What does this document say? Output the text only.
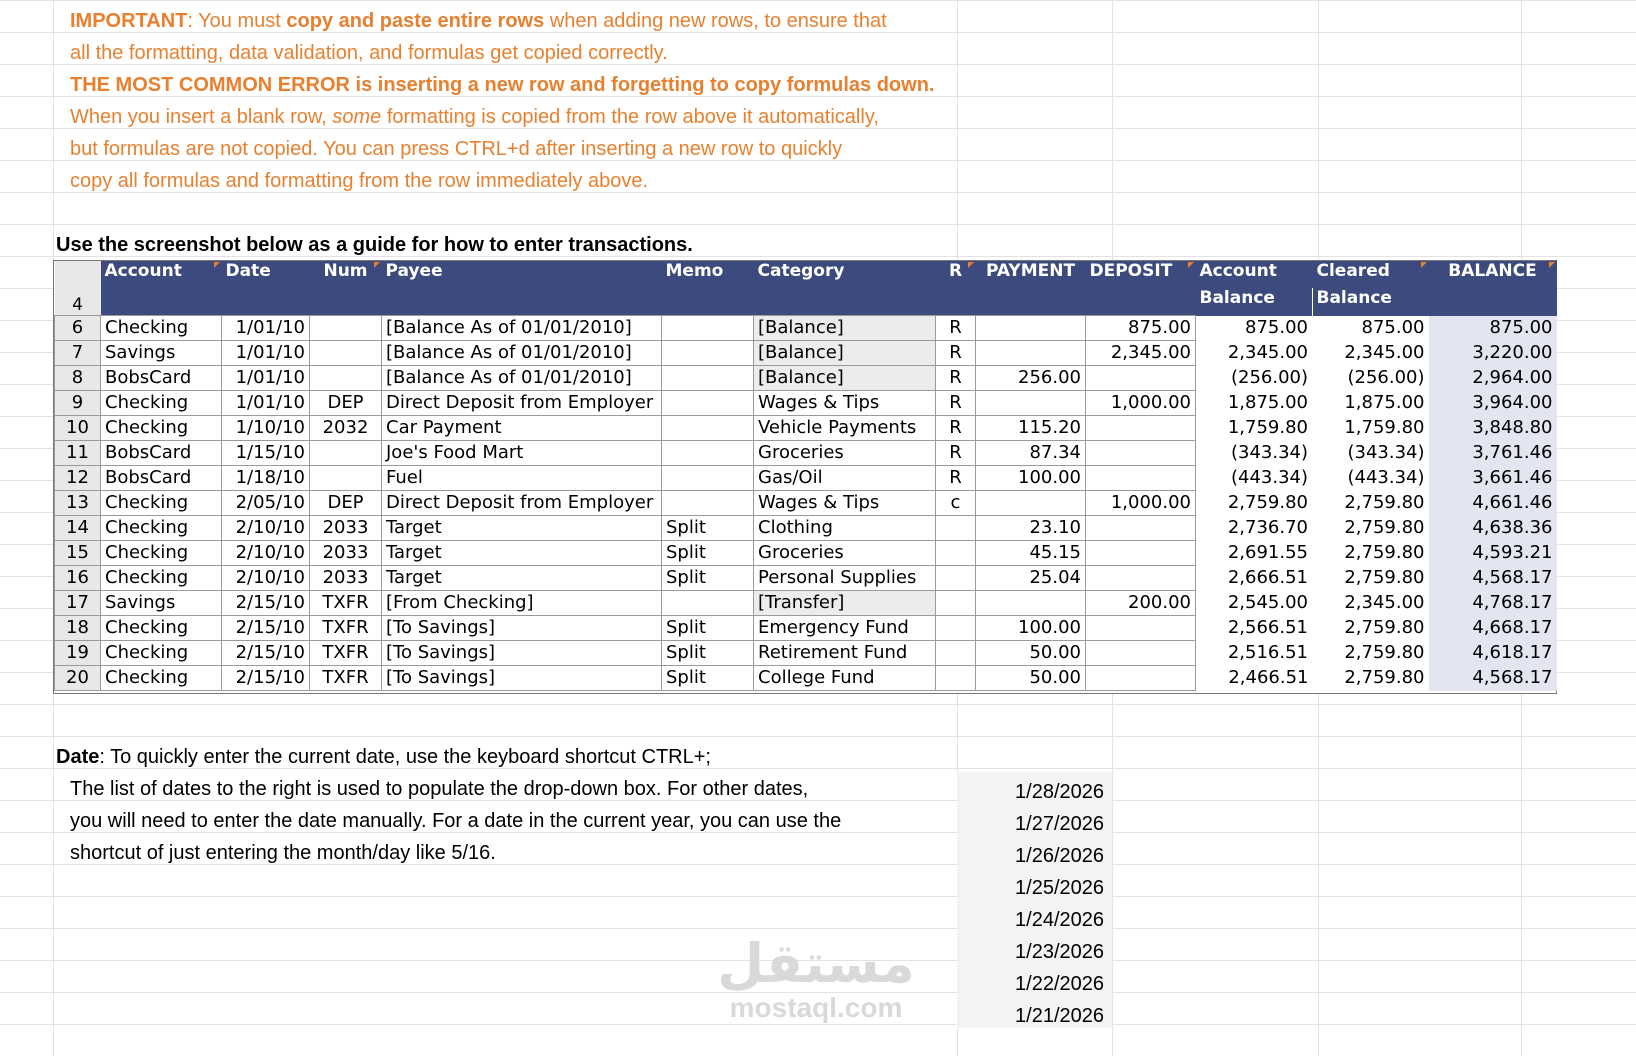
IMPORTANT: You must copy and paste entire rows when adding new rows, to ensure that
all the formatting, data validation, and formulas get copied correctly.
THE MOST COMMON ERROR is inserting a new row and forgetting to copy formulas down.
When you insert a blank row, some formatting is copied from the row above it automatically,
but formulas are not copied. You can press CTRL+d after inserting a new row to quickly
copy all formulas and formatting from the row immediately above.
Use the screenshot below as a guide for how to enter transactions.
4	Account	Date	Num	Payee	Memo	Category	R	PAYMENT	DEPOSIT	Account	Cleared	BALANCE

										Balance	Balance	
6	Checking	1/01/10		[Balance As of 01/01/2010]		[Balance]	R		875.00	875.00	875.00	875.00
7	Savings	1/01/10		[Balance As of 01/01/2010]		[Balance]	R		2,345.00	2,345.00	2,345.00	3,220.00
8	BobsCard	1/01/10		[Balance As of 01/01/2010]		[Balance]	R	256.00		(256.00)	(256.00)	2,964.00
9	Checking	1/01/10	DEP	Direct Deposit from Employer		Wages & Tips	R		1,000.00	1,875.00	1,875.00	3,964.00
10	Checking	1/10/10	2032	Car Payment		Vehicle Payments	R	115.20		1,759.80	1,759.80	3,848.80
11	BobsCard	1/15/10		Joe's Food Mart		Groceries	R	87.34		(343.34)	(343.34)	3,761.46
12	BobsCard	1/18/10		Fuel		Gas/Oil	R	100.00		(443.34)	(443.34)	3,661.46
13	Checking	2/05/10	DEP	Direct Deposit from Employer		Wages & Tips	c		1,000.00	2,759.80	2,759.80	4,661.46
14	Checking	2/10/10	2033	Target	Split	Clothing		23.10		2,736.70	2,759.80	4,638.36
15	Checking	2/10/10	2033	Target	Split	Groceries		45.15		2,691.55	2,759.80	4,593.21
16	Checking	2/10/10	2033	Target	Split	Personal Supplies		25.04		2,666.51	2,759.80	4,568.17
17	Savings	2/15/10	TXFR	[From Checking]		[Transfer]			200.00	2,545.00	2,345.00	4,768.17
18	Checking	2/15/10	TXFR	[To Savings]	Split	Emergency Fund		100.00		2,566.51	2,759.80	4,668.17
19	Checking	2/15/10	TXFR	[To Savings]	Split	Retirement Fund		50.00		2,516.51	2,759.80	4,618.17
20	Checking	2/15/10	TXFR	[To Savings]	Split	College Fund		50.00		2,466.51	2,759.80	4,568.17
Date: To quickly enter the current date, use the keyboard shortcut CTRL+;
The list of dates to the right is used to populate the drop-down box. For other dates,
you will need to enter the date manually. For a date in the current year, you can use the
shortcut of just entering the month/day like 5/16.
1/28/2026
1/27/2026
1/26/2026
1/25/2026
1/24/2026
1/23/2026
1/22/2026
1/21/2026
مستقل
mostaql.com
